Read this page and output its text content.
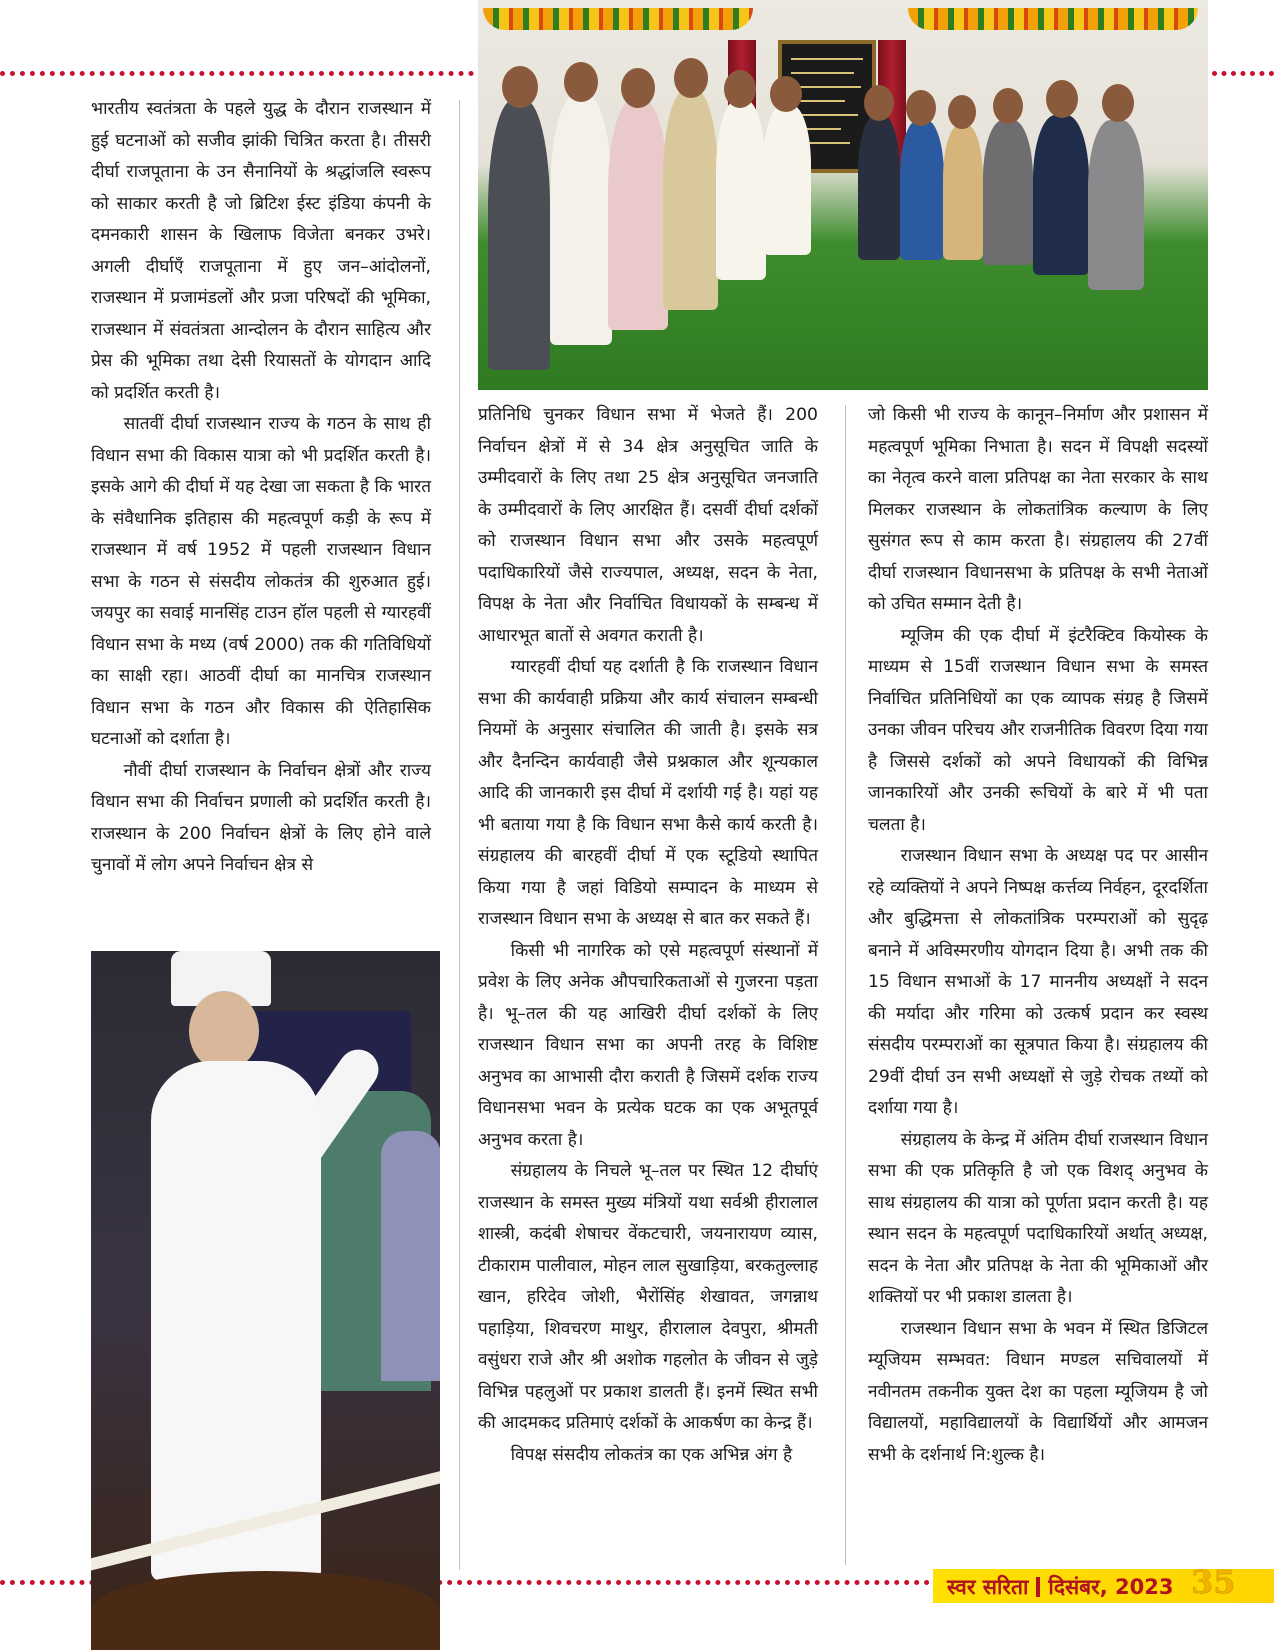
भारतीय स्वतंत्रता के पहले युद्ध के दौरान राजस्थान में हुई घटनाओं को सजीव झांकी चित्रित करता है। तीसरी दीर्घा राजपूताना के उन सैनानियों के श्रद्धांजलि स्वरूप को साकार करती है जो ब्रिटिश ईस्ट इंडिया कंपनी के दमनकारी शासन के खिलाफ विजेता बनकर उभरे। अगली दीर्घाएँ राजपूताना में हुए जन–आंदोलनों, राजस्थान में प्रजामंडलों और प्रजा परिषदों की भूमिका, राजस्थान में संवतंत्रता आन्दोलन के दौरान साहित्य और प्रेस की भूमिका तथा देसी रियासतों के योगदान आदि को प्रदर्शित करती है।

सातवीं दीर्घा राजस्थान राज्य के गठन के साथ ही विधान सभा की विकास यात्रा को भी प्रदर्शित करती है। इसके आगे की दीर्घा में यह देखा जा सकता है कि भारत के संवैधानिक इतिहास की महत्वपूर्ण कड़ी के रूप में राजस्थान में वर्ष 1952 में पहली राजस्थान विधान सभा के गठन से संसदीय लोकतंत्र की शुरुआत हुई। जयपुर का सवाई मानसिंह टाउन हॉल पहली से ग्यारहवीं विधान सभा के मध्य (वर्ष 2000) तक की गतिविधियों का साक्षी रहा। आठवीं दीर्घा का मानचित्र राजस्थान विधान सभा के गठन और विकास की ऐतिहासिक घटनाओं को दर्शाता है।

नौवीं दीर्घा राजस्थान के निर्वाचन क्षेत्रों और राज्य विधान सभा की निर्वाचन प्रणाली को प्रदर्शित करती है। राजस्थान के 200 निर्वाचन क्षेत्रों के लिए होने वाले चुनावों में लोग अपने निर्वाचन क्षेत्र से

प्रतिनिधि चुनकर विधान सभा में भेजते हैं। 200 निर्वाचन क्षेत्रों में से 34 क्षेत्र अनुसूचित जाति के उम्मीदवारों के लिए तथा 25 क्षेत्र अनुसूचित जनजाति के उम्मीदवारों के लिए आरक्षित हैं। दसवीं दीर्घा दर्शकों को राजस्थान विधान सभा और उसके महत्वपूर्ण पदाधिकारियों जैसे राज्यपाल, अध्यक्ष, सदन के नेता, विपक्ष के नेता और निर्वाचित विधायकों के सम्बन्ध में आधारभूत बातों से अवगत कराती है।

ग्यारहवीं दीर्घा यह दर्शाती है कि राजस्थान विधान सभा की कार्यवाही प्रक्रिया और कार्य संचालन सम्बन्धी नियमों के अनुसार संचालित की जाती है। इसके सत्र और दैनन्दिन कार्यवाही जैसे प्रश्नकाल और शून्यकाल आदि की जानकारी इस दीर्घा में दर्शायी गई है। यहां यह भी बताया गया है कि विधान सभा कैसे कार्य करती है। संग्रहालय की बारहवीं दीर्घा में एक स्टूडियो स्थापित किया गया है जहां विडियो सम्पादन के माध्यम से राजस्थान विधान सभा के अध्यक्ष से बात कर सकते हैं।

किसी भी नागरिक को एसे महत्वपूर्ण संस्थानों में प्रवेश के लिए अनेक औपचारिकताओं से गुजरना पड़ता है। भू–तल की यह आखिरी दीर्घा दर्शकों के लिए राजस्थान विधान सभा का अपनी तरह के विशिष्ट अनुभव का आभासी दौरा कराती है जिसमें दर्शक राज्य विधानसभा भवन के प्रत्येक घटक का एक अभूतपूर्व अनुभव करता है।

संग्रहालय के निचले भू–तल पर स्थित 12 दीर्घाएं राजस्थान के समस्त मुख्य मंत्रियों यथा सर्वश्री हीरालाल शास्त्री, कदंबी शेषाचर वेंकटचारी, जयनारायण व्यास, टीकाराम पालीवाल, मोहन लाल सुखाड़िया, बरकतुल्लाह खान, हरिदेव जोशी, भैरोंसिंह शेखावत, जगन्नाथ पहाड़िया, शिवचरण माथुर, हीरालाल देवपुरा, श्रीमती वसुंधरा राजे और श्री अशोक गहलोत के जीवन से जुड़े विभिन्न पहलुओं पर प्रकाश डालती हैं। इनमें स्थित सभी की आदमकद प्रतिमाएं दर्शकों के आकर्षण का केन्द्र हैं।

विपक्ष संसदीय लोकतंत्र का एक अभिन्न अंग है

जो किसी भी राज्य के कानून–निर्माण और प्रशासन में महत्वपूर्ण भूमिका निभाता है। सदन में विपक्षी सदस्यों का नेतृत्व करने वाला प्रतिपक्ष का नेता सरकार के साथ मिलकर राजस्थान के लोकतांत्रिक कल्याण के लिए सुसंगत रूप से काम करता है। संग्रहालय की 27वीं दीर्घा राजस्थान विधानसभा के प्रतिपक्ष के सभी नेताओं को उचित सम्मान देती है।

म्यूजिम की एक दीर्घा में इंटरैक्टिव कियोस्क के माध्यम से 15वीं राजस्थान विधान सभा के समस्त निर्वाचित प्रतिनिधियों का एक व्यापक संग्रह है जिसमें उनका जीवन परिचय और राजनीतिक विवरण दिया गया है जिससे दर्शकों को अपने विधायकों की विभिन्न जानकारियों और उनकी रूचियों के बारे में भी पता चलता है।

राजस्थान विधान सभा के अध्यक्ष पद पर आसीन रहे व्यक्तियों ने अपने निष्पक्ष कर्त्तव्य निर्वहन, दूरदर्शिता और बुद्धिमत्ता से लोकतांत्रिक परम्पराओं को सुदृढ़ बनाने में अविस्मरणीय योगदान दिया है। अभी तक की 15 विधान सभाओं के 17 माननीय अध्यक्षों ने सदन की मर्यादा और गरिमा को उत्कर्ष प्रदान कर स्वस्थ संसदीय परम्पराओं का सूत्रपात किया है। संग्रहालय की 29वीं दीर्घा उन सभी अध्यक्षों से जुड़े रोचक तथ्यों को दर्शाया गया है।

संग्रहालय के केन्द्र में अंतिम दीर्घा राजस्थान विधान सभा की एक प्रतिकृति है जो एक विशद् अनुभव के साथ संग्रहालय की यात्रा को पूर्णता प्रदान करती है। यह स्थान सदन के महत्वपूर्ण पदाधिकारियों अर्थात् अध्यक्ष, सदन के नेता और प्रतिपक्ष के नेता की भूमिकाओं और शक्तियों पर भी प्रकाश डालता है।

राजस्थान विधान सभा के भवन में स्थित डिजिटल म्यूजियम सम्भवत: विधान मण्डल सचिवालयों में नवीनतम तकनीक युक्त देश का पहला म्यूजियम है जो विद्यालयों, महाविद्यालयों के विद्यार्थियों और आमजन सभी के दर्शनार्थ नि:शुल्क है।

स्वर सरिता दिसंबर, 2023 35
